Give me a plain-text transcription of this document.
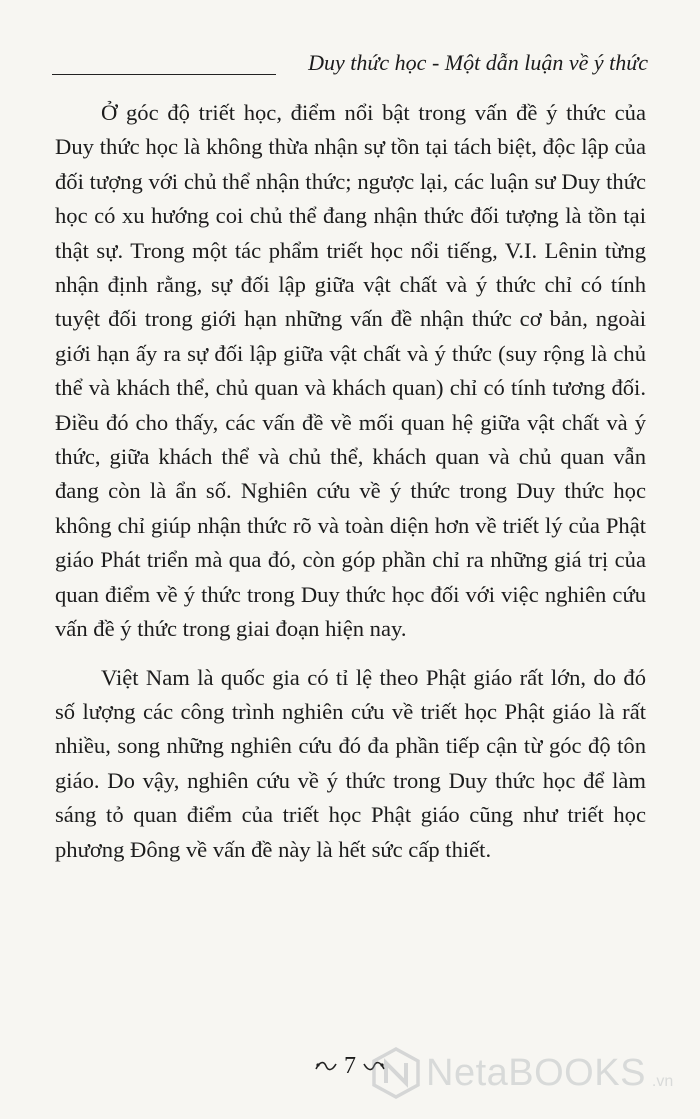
Duy thức học - Một dẫn luận về ý thức

Ở góc độ triết học, điểm nổi bật trong vấn đề ý thức của Duy thức học là không thừa nhận sự tồn tại tách biệt, độc lập của đối tượng với chủ thể nhận thức; ngược lại, các luận sư Duy thức học có xu hướng coi chủ thể đang nhận thức đối tượng là tồn tại thật sự. Trong một tác phẩm triết học nổi tiếng, V.I. Lênin từng nhận định rằng, sự đối lập giữa vật chất và ý thức chỉ có tính tuyệt đối trong giới hạn những vấn đề nhận thức cơ bản, ngoài giới hạn ấy ra sự đối lập giữa vật chất và ý thức (suy rộng là chủ thể và khách thể, chủ quan và khách quan) chỉ có tính tương đối. Điều đó cho thấy, các vấn đề về mối quan hệ giữa vật chất và ý thức, giữa khách thể và chủ thể, khách quan và chủ quan vẫn đang còn là ẩn số. Nghiên cứu về ý thức trong Duy thức học không chỉ giúp nhận thức rõ và toàn diện hơn về triết lý của Phật giáo Phát triển mà qua đó, còn góp phần chỉ ra những giá trị của quan điểm về ý thức trong Duy thức học đối với việc nghiên cứu vấn đề ý thức trong giai đoạn hiện nay.

Việt Nam là quốc gia có tỉ lệ theo Phật giáo rất lớn, do đó số lượng các công trình nghiên cứu về triết học Phật giáo là rất nhiều, song những nghiên cứu đó đa phần tiếp cận từ góc độ tôn giáo. Do vậy, nghiên cứu về ý thức trong Duy thức học để làm sáng tỏ quan điểm của triết học Phật giáo cũng như triết học phương Đông về vấn đề này là hết sức cấp thiết.

7 NetaBOOKS .vn
